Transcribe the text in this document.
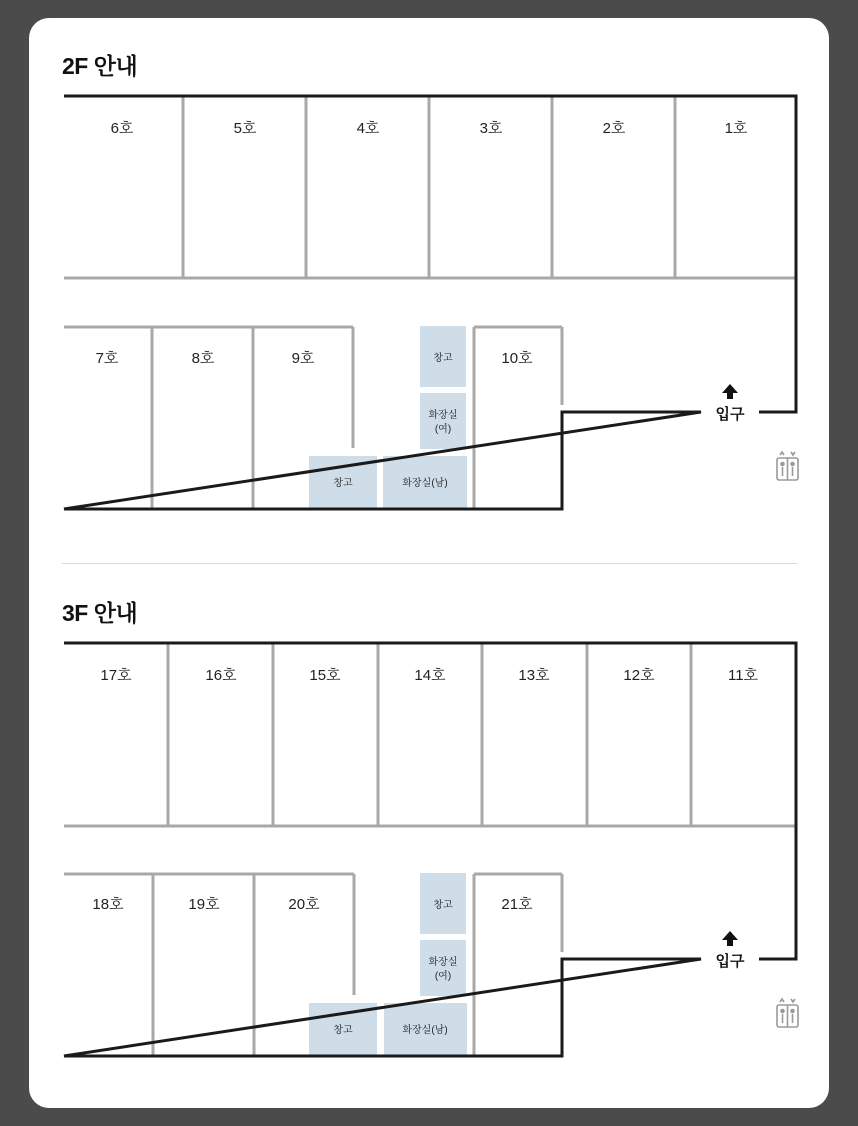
2F 안내
6호	5호	4호	3호	2호	1호
7호	8호	9호	10호
창고
화장실
(여)
창고	화장실(남)
입구
3F 안내
17호	16호	15호	14호	13호	12호	11호
18호	19호	20호	21호
창고
화장실
(여)
창고	화장실(남)
입구
